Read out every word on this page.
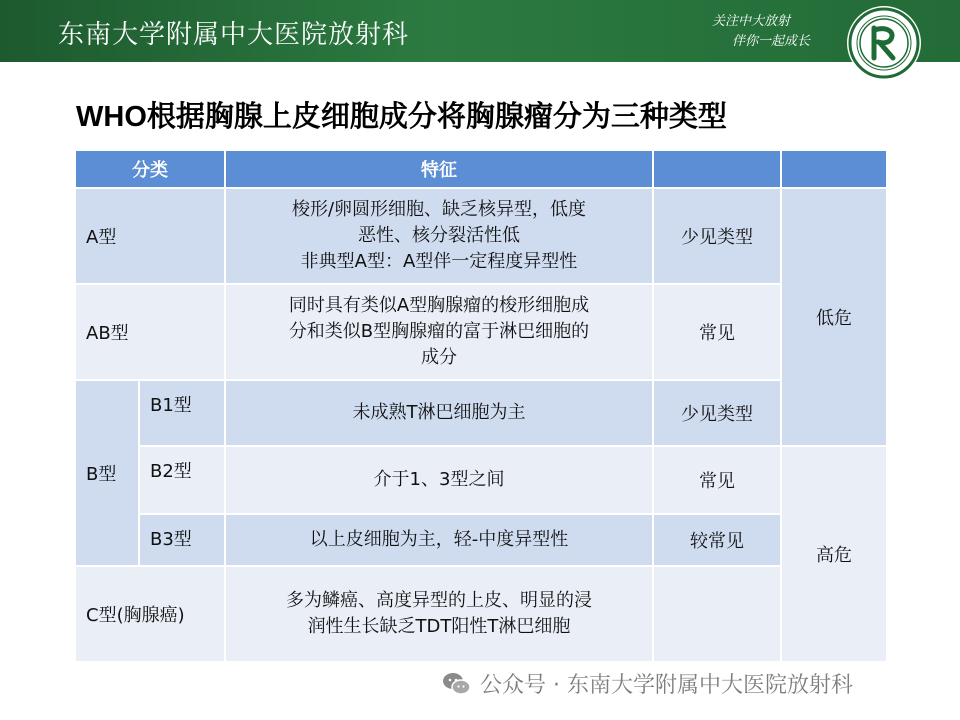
东南大学附属中大医院放射科	关注中大放射
伴你一起成长
WHO根据胸腺上皮细胞成分将胸腺瘤分为三种类型
分类		特征		
A型		梭形/卵圆形细胞、缺乏核异型，低度
恶性、核分裂活性低
非典型A型：A型伴一定程度异型性	少见类型	低危
AB型		同时具有类似A型胸腺瘤的梭形细胞成
分和类似B型胸腺瘤的富于淋巴细胞的
成分	常见	
B型	B1型	未成熟T淋巴细胞为主	少见类型	
	B2型	介于1、3型之间	常见	高危
	B3型	以上皮细胞为主，轻-中度异型性	较常见	
C型(胸腺癌)		多为鳞癌、高度异型的上皮、明显的浸
润性生长缺乏TDT阳性T淋巴细胞		

公众号 · 东南大学附属中大医院放射科
